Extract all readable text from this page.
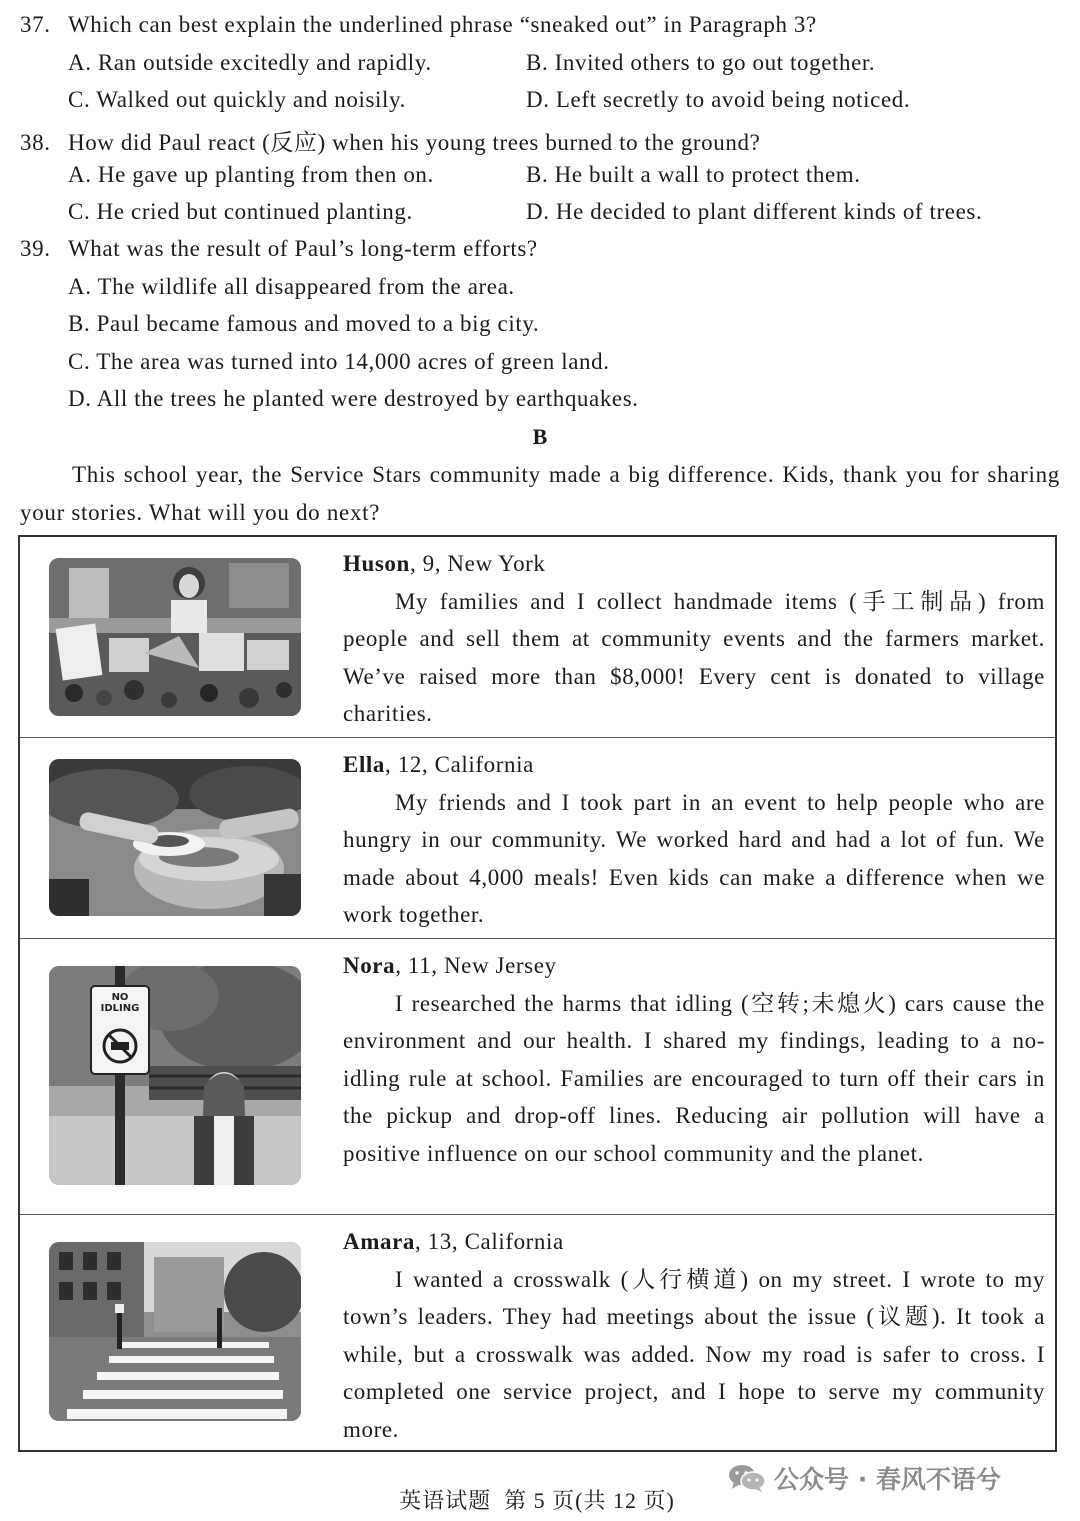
37. Which can best explain the underlined phrase “sneaked out” in Paragraph 3?
A. Ran outside excitedly and rapidly.	B. Invited others to go out together.
C. Walked out quickly and noisily.	D. Left secretly to avoid being noticed.
38. How did Paul react (反应) when his young trees burned to the ground?
A. He gave up planting from then on.	B. He built a wall to protect them.
C. He cried but continued planting.	D. He decided to plant different kinds of trees.
39. What was the result of Paul’s long-term efforts?
A. The wildlife all disappeared from the area.
B. Paul became famous and moved to a big city.
C. The area was turned into 14,000 acres of green land.
D. All the trees he planted were destroyed by earthquakes.
B

This school year, the Service Stars community made a big difference. Kids, thank you for sharing your stories. What will you do next?

Huson, 9, New York
My families and I collect handmade items (手工制品) from people and sell them at community events and the farmers market. We’ve raised more than $8,000! Every cent is donated to village charities.
Ella, 12, California
My friends and I took part in an event to help people who are hungry in our community. We worked hard and had a lot of fun. We made about 4,000 meals! Even kids can make a difference when we work together.
NO
IDLING
Nora, 11, New Jersey
I researched the harms that idling (空转;未熄火) cars cause the environment and our health. I shared my findings, leading to a no-idling rule at school. Families are encouraged to turn off their cars in the pickup and drop-off lines. Reducing air pollution will have a positive influence on our school community and the planet.
Amara, 13, California
I wanted a crosswalk (人行横道) on my street. I wrote to my town’s leaders. They had meetings about the issue (议题). It took a while, but a crosswalk was added. Now my road is safer to cross. I completed one service project, and I hope to serve my community more.
英语试题  第 5 页(共 12 页)
公众号 · 春风不语兮
